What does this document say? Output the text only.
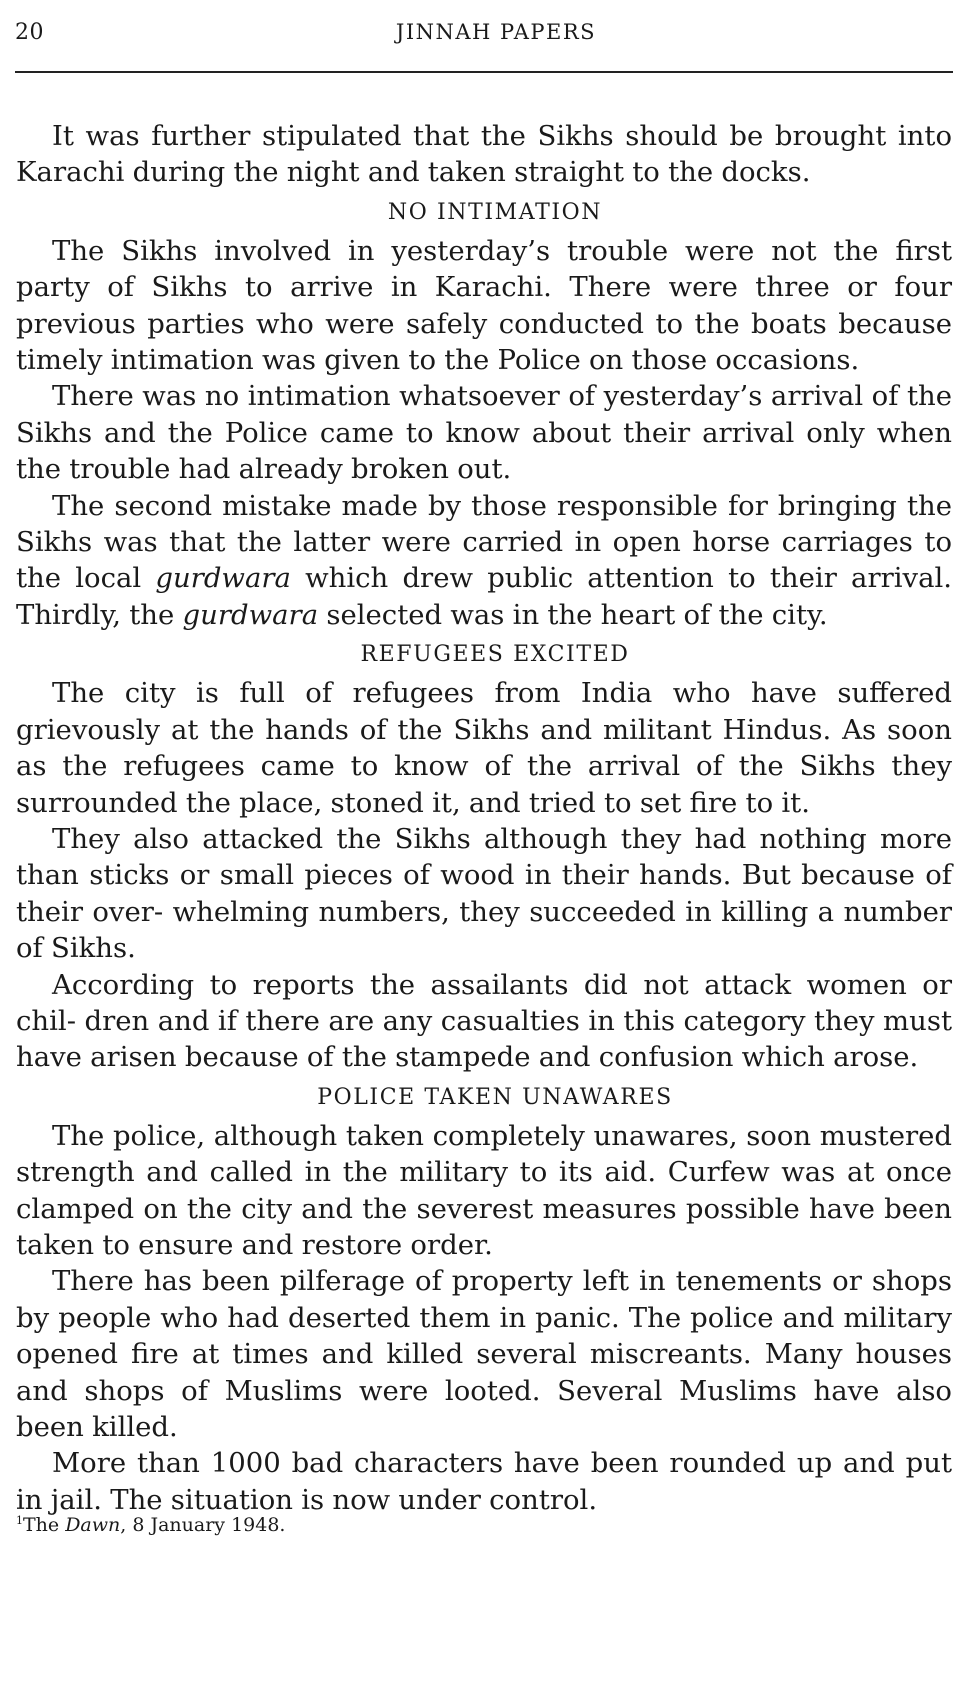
20	JINNAH PAPERS

It was further stipulated that the Sikhs should be brought into Karachi during the night and taken straight to the docks.

NO INTIMATION

The Sikhs involved in yesterday’s trouble were not the first party of Sikhs to arrive in Karachi. There were three or four previous parties who were safely conducted to the boats because timely intimation was given to the Police on those occasions.

There was no intimation whatsoever of yesterday’s arrival of the Sikhs and the Police came to know about their arrival only when the trouble had already broken out.

The second mistake made by those responsible for bringing the Sikhs was that the latter were carried in open horse carriages to the local gurdwara which drew public attention to their arrival. Thirdly, the gurdwara selected was in the heart of the city.

REFUGEES EXCITED

The city is full of refugees from India who have suffered grievously at the hands of the Sikhs and militant Hindus. As soon as the refugees came to know of the arrival of the Sikhs they surrounded the place, stoned it, and tried to set fire to it.

They also attacked the Sikhs although they had nothing more than sticks or small pieces of wood in their hands. But because of their over- whelming numbers, they succeeded in killing a number of Sikhs.

According to reports the assailants did not attack women or chil- dren and if there are any casualties in this category they must have arisen because of the stampede and confusion which arose.

POLICE TAKEN UNAWARES

The police, although taken completely unawares, soon mustered strength and called in the military to its aid. Curfew was at once clamped on the city and the severest measures possible have been taken to ensure and restore order.

There has been pilferage of property left in tenements or shops by people who had deserted them in panic. The police and military opened fire at times and killed several miscreants. Many houses and shops of Muslims were looted. Several Muslims have also been killed.

More than 1000 bad characters have been rounded up and put in jail. The situation is now under control.

$^1$The Dawn, 8 January 1948.
